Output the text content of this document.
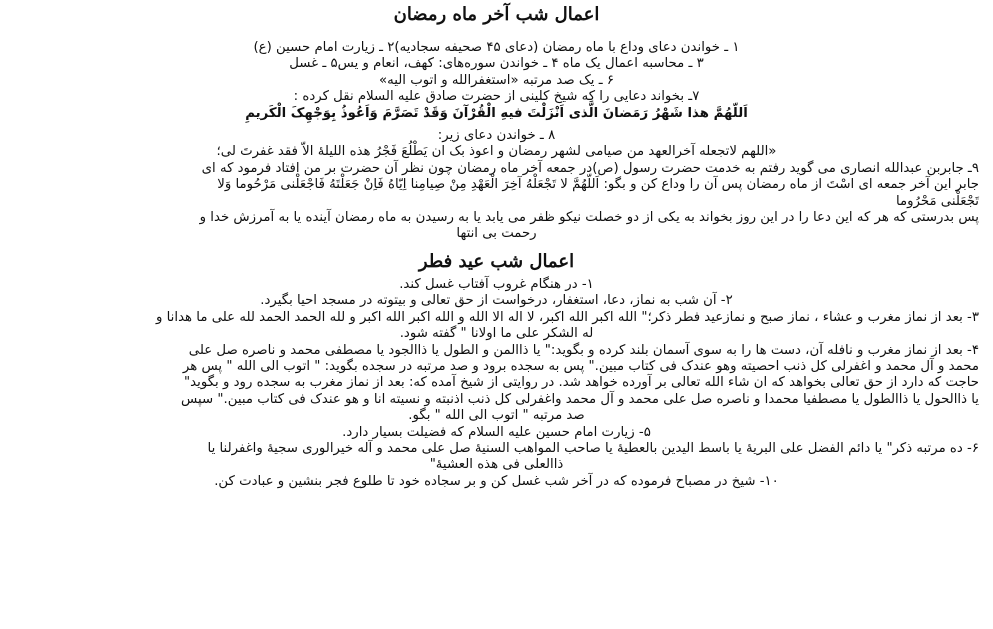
اعمال شب آخر ماه رمضان
۱ ـ خواندن دعای وداع با ماه رمضان (دعای ۴۵ صحیفه سجادیه)۲ ـ زیارت امام حسین (ع)
۳ ـ محاسبه اعمال یک ماه ۴ ـ خواندن سوره‌های: کهف، انعام و یس۵ ـ غسل
۶ ـ یک صد مرتبه «استغفرالله و اتوب الیه»
۷ـ بخواند دعایی را که شیخ کلینی از حضرت صادق علیه السلام نقل کرده :
اَللّهُمَّ هذا شَهْرُ رَمَضانَ الَّذی اَنْزَلْتَ فیهِ الْقُرْآنَ وَقَدْ تَصَرَّمَ وَاَعُوذُ بِوَجْهِکَ الْکَریمِ
۸ ـ خواندن دعای زیر:
«اللهم لاتجعله آخرالعهد من صیامی لشهر رمضان و اعوذ بک ان یَطْلُعَ فَجْرُ هذه اللیلهٔ الاّ فقد غفرتَ لی؛
۹ـ جابربن عبدالله انصاری می گوید رفتم به خدمت حضرت رسول (ص)در جمعه آخر ماه رمضان چون نظر آن حضرت بر من افتاد فرمود که ای
جابر این آخر جمعه ای اسْتَ از ماه رمضان پس آن را وداع کن و بگو: اَللّهُمَّ لا تَجْعَلْهُ آخِرَ الْعَهْدِ مِنْ صِیامِنا اِیّاهُ فَاِنْ جَعَلْتَهُ فَاجْعَلْنی مَرْحُوما وَلا
تَجْعَلْنی مَحْرُوما
پس بدرستی که هر که این دعا را در این روز بخواند به یکی از دو خصلت نیکو ظفر می یابد یا به رسیدن به ماه رمضان آینده یا به آمرزش خدا و
رحمت بی انتها
اعمال شب عید فطر
۱- در هنگام غروب آفتاب غسل کند.
۲- آن شب به نماز، دعا، استغفار، درخواست از حق تعالی و بیتوته در مسجد احیا بگیرد.
۳- بعد از نماز مغرب و عشاء ، نماز صبح و نمازعید فطر ذکر؛" الله اکبر الله اکبر، لا اله الا الله و الله اکبر الله اکبر و لله الحمد الحمد لله علی ما هدانا و
له الشکر علی ما اولانا " گفته شود.
۴- بعد از نماز مغرب و نافله آن، دست ها را به سوی آسمان بلند کرده و بگوید:" یا ذاالمن و الطول یا ذاالجود یا مصطفی محمد و ناصره صل علی
محمد و آل محمد و اغفرلی کل ذنب احصیته وهو عندک فی کتاب مبین." پس به سجده برود و صد مرتبه در سجده بگوید: " اتوب الی الله " پس هر
حاجت که دارد از حق تعالی بخواهد که ان شاء الله تعالی بر آورده خواهد شد. در روایتی از شیخ آمده که: بعد از نماز مغرب به سجده رود و بگوید"
یا ذاالحول یا ذاالطول یا مصطفیا محمدا و ناصره صل علی محمد و آل محمد واغفرلی کل ذنب اذنبته و نسیته انا و هو عندک فی کتاب مبین." سپس
صد مرتبه " اتوب الی الله " بگو.
۵- زیارت امام حسین علیه السلام که فضیلت بسیار دارد.
۶- ده مرتبه ذکر" یا دائم الفضل علی البریهٔ یا باسط الیدین بالعطیهٔ یا صاحب المواهب السنیهٔ صل علی محمد و آله خیرالوری سجیهٔ واغفرلنا یا
ذاالعلی فی هذه العشیهٔ"
۱۰- شیخ در مصباح فرموده که در آخر شب غسل کن و بر سجاده خود تا طلوع فجر بنشین و عبادت کن.
